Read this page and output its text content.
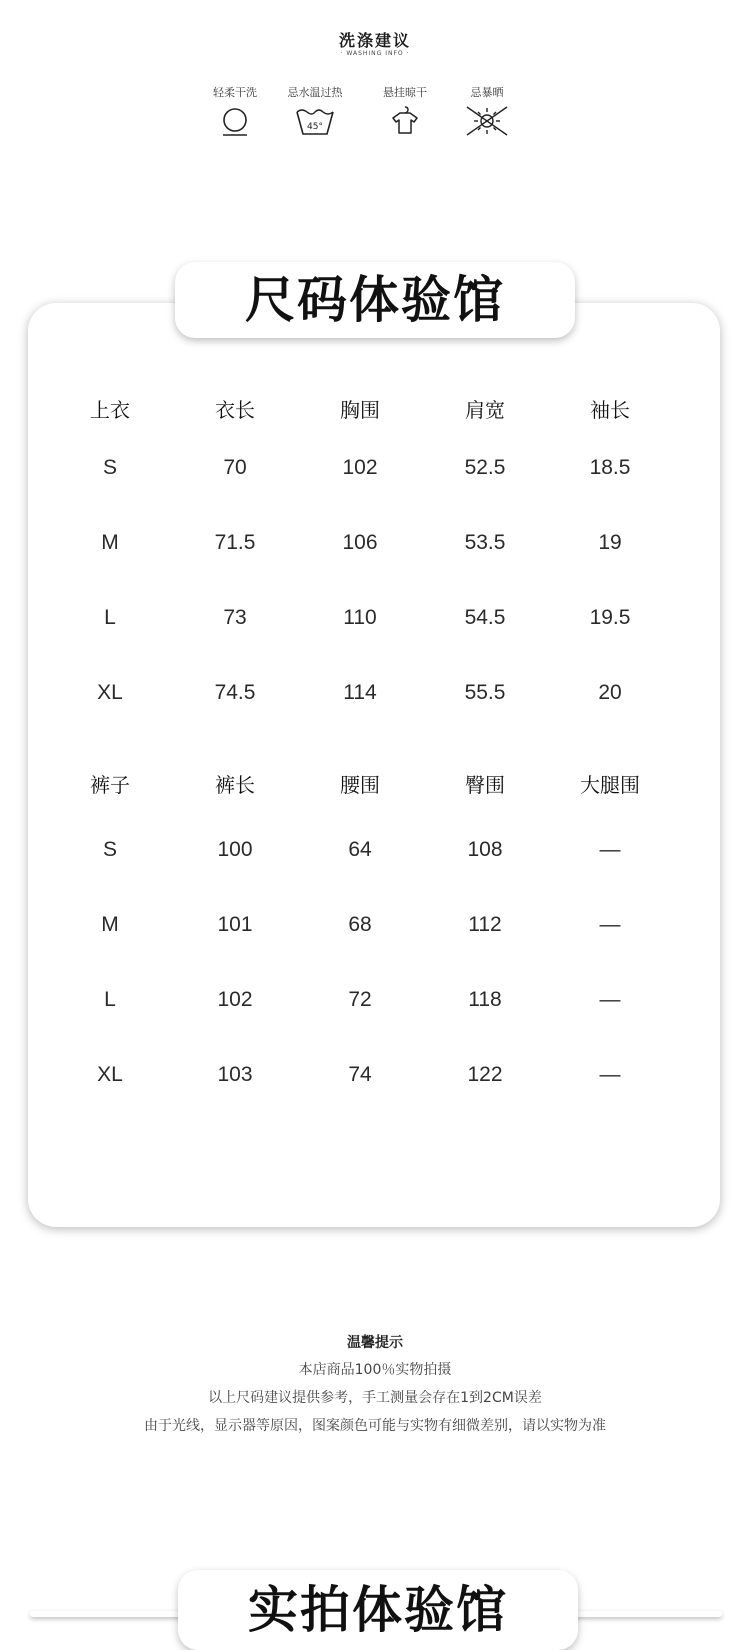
洗涤建议
· WASHING INFO ·
轻柔干洗	忌水温过热
45°
悬挂晾干	忌暴晒
尺码体验馆
上衣	衣长	胸围	肩宽	袖长
S	70	102	52.5	18.5
M	71.5	106	53.5	19
L	73	110	54.5	19.5
XL	74.5	114	55.5	20
裤子	裤长	腰围	臀围	大腿围
S	100	64	108	—
M	101	68	112	—
L	102	72	118	—
XL	103	74	122	—
温馨提示
本店商品100％实物拍摄
以上尺码建议提供参考，手工测量会存在1到2CM误差
由于光线，显示器等原因，图案颜色可能与实物有细微差别，请以实物为准
实拍体验馆
